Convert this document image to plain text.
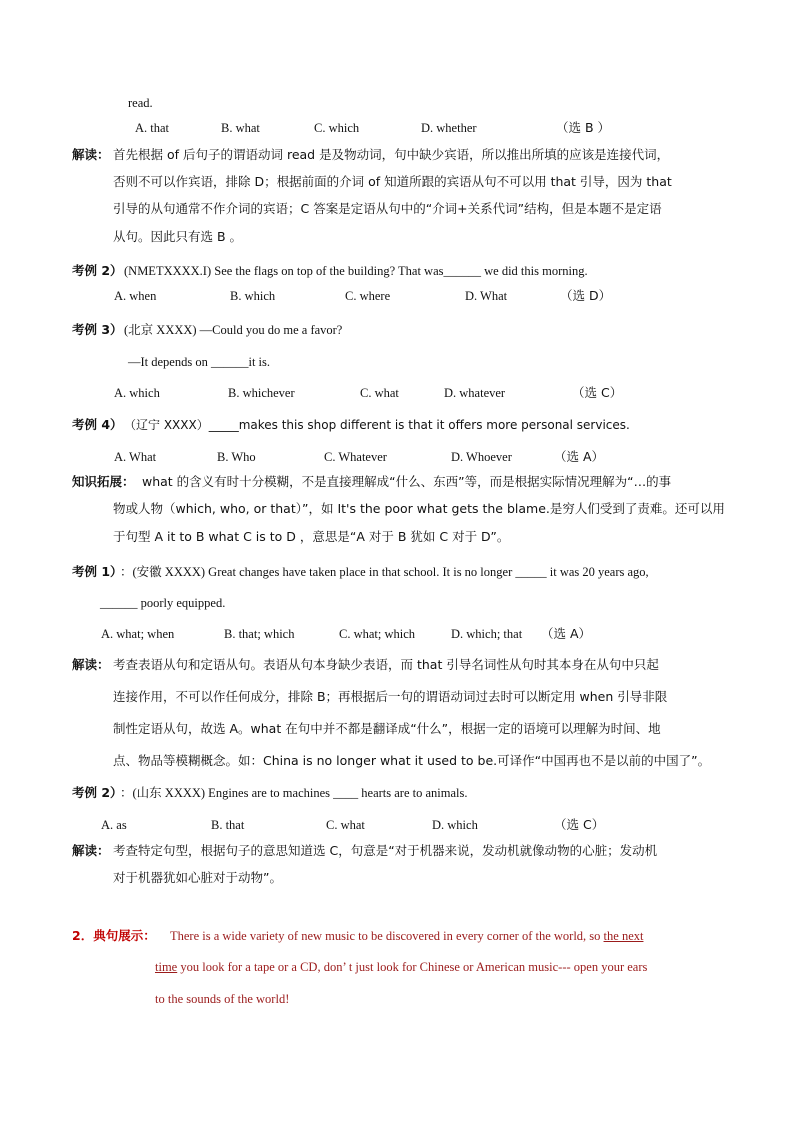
read.
A. that	B. what	C. which	D. whether	（选 B ）
解读： 首先根据 of 后句子的谓语动词 read 是及物动词，句中缺少宾语，所以推出所填的应该是连接代词，
否则不可以作宾语，排除 D；根据前面的介词 of 知道所跟的宾语从句不可以用 that 引导，因为 that
引导的从句通常不作介词的宾语；C 答案是定语从句中的“介词+关系代词”结构，但是本题不是定语
从句。因此只有选 B 。
考例 2） (NMETXXXX.I) See the flags on top of the building? That was______ we did this morning.
A. when	B. which	C. where	D. What	（选 D）
考例 3） (北京 XXXX) —Could you do me a favor?
—It depends on ______it is.
A. which	B. whichever	C. what	D. whatever	（选 C）
考例 4） （辽宁 XXXX）_____makes this shop different is that it offers more personal services.
A. What	B. Who	C. Whatever	D. Whoever	（选 A）
知识拓展： what 的含义有时十分模糊，不是直接理解成“什么、东西”等，而是根据实际情况理解为“…的事
物或人物（which, who, or that）”，如 It's the poor what gets the blame.是穷人们受到了责难。还可以用
于句型 A it to B what C is to D ，意思是“A 对于 B 犹如 C 对于 D”。
考例 1）
：(安徽 XXXX) Great changes have taken place in that school. It is no longer _____ it was 20 years ago,
______ poorly equipped.
A. what; when	B. that; which	C. what; which	D. which; that （选 A）
解读： 考查表语从句和定语从句。表语从句本身缺少表语，而 that 引导名词性从句时其本身在从句中只起
连接作用，不可以作任何成分，排除 B；再根据后一句的谓语动词过去时可以断定用 when 引导非限
制性定语从句，故选 A。what 在句中并不都是翻译成“什么”，根据一定的语境可以理解为时间、地
点、物品等模糊概念。如：China is no longer what it used to be.可译作“中国再也不是以前的中国了”。
考例 2）
：(山东 XXXX) Engines are to machines ____ hearts are to animals.
A. as	B. that	C. what	D. which	（选 C）
解读： 考查特定句型，根据句子的意思知道选 C，句意是“对于机器来说，发动机就像动物的心脏；发动机
对于机器犹如心脏对于动物”。
2．典句展示： There is a wide variety of new music to be discovered in every corner of the world, so the next
time you look for a tape or a CD, don’ t just look for Chinese or American music--- open your ears
to the sounds of the world!
